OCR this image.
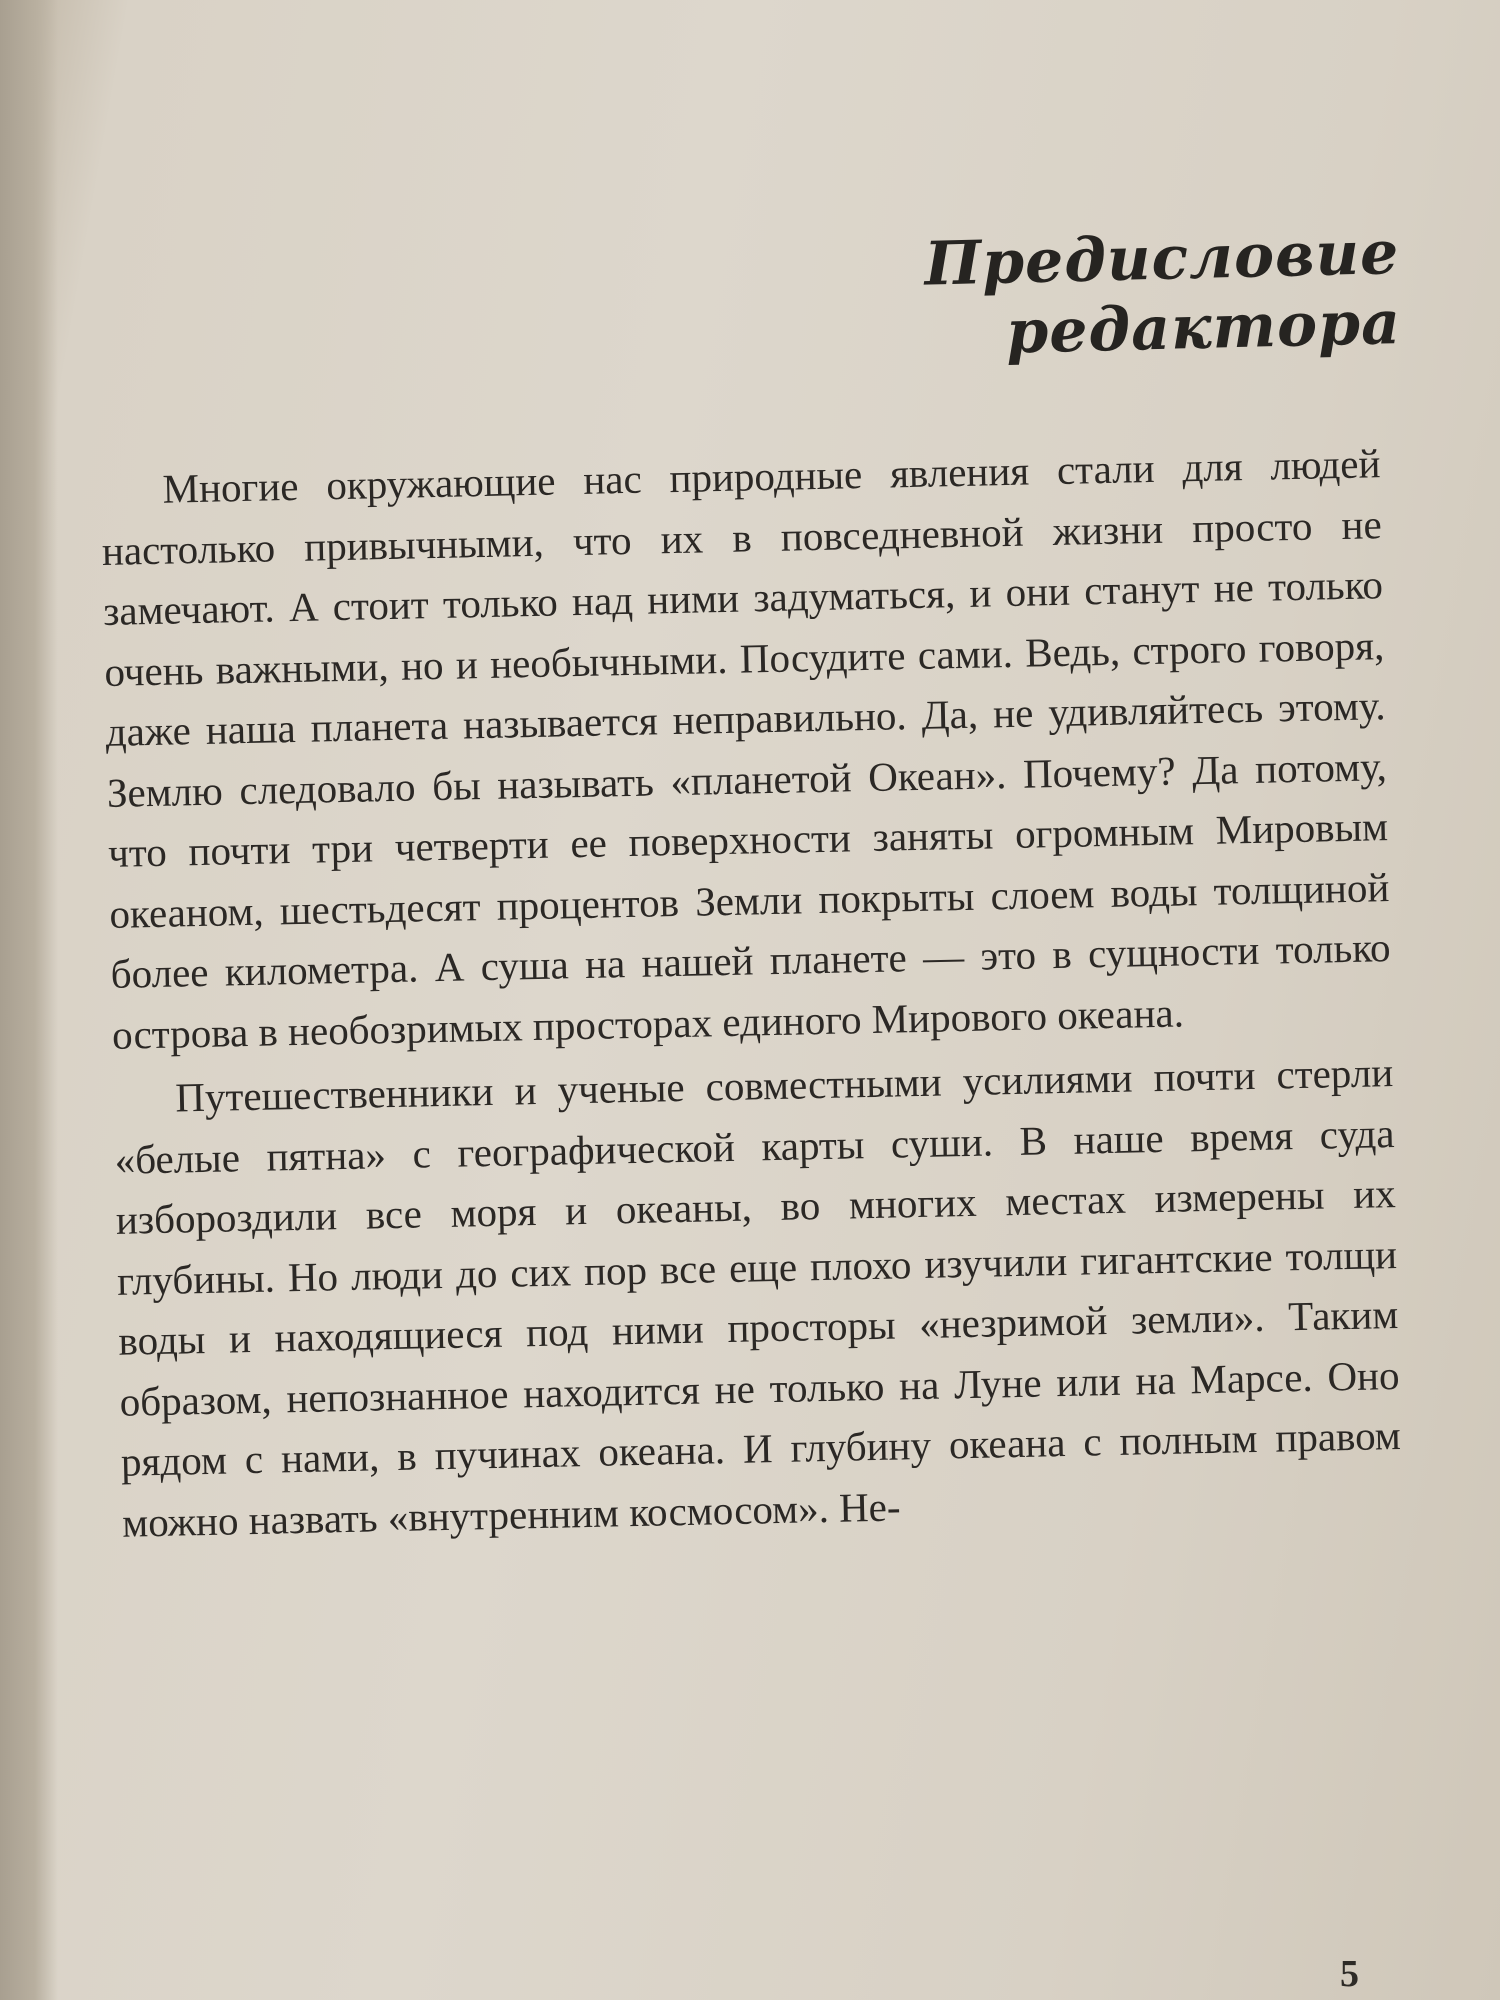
Предисловие редактора

Многие окружающие нас природные явления стали для людей настолько привычными, что их в повседневной жизни просто не замечают. А стоит только над ними задуматься, и они станут не только очень важными, но и необычными. Посудите сами. Ведь, строго говоря, даже наша планета называется неправильно. Да, не удивляйтесь этому. Землю следовало бы называть «планетой Океан». Почему? Да потому, что почти три четверти ее поверхности заняты огромным Мировым океаном, шестьдесят процентов Земли покрыты слоем воды толщиной более километра. А суша на нашей планете — это в сущности только острова в необозримых просторах единого Мирового океана.

Путешественники и ученые совместными усилиями почти стерли «белые пятна» с географической карты суши. В наше время суда избороздили все моря и океаны, во многих местах измерены их глубины. Но люди до сих пор все еще плохо изучили гигантские толщи воды и находящиеся под ними просторы «незримой земли». Таким образом, непознанное находится не только на Луне или на Марсе. Оно рядом с нами, в пучинах океана. И глубину океана с полным правом можно назвать «внутренним космосом». Не-

5
